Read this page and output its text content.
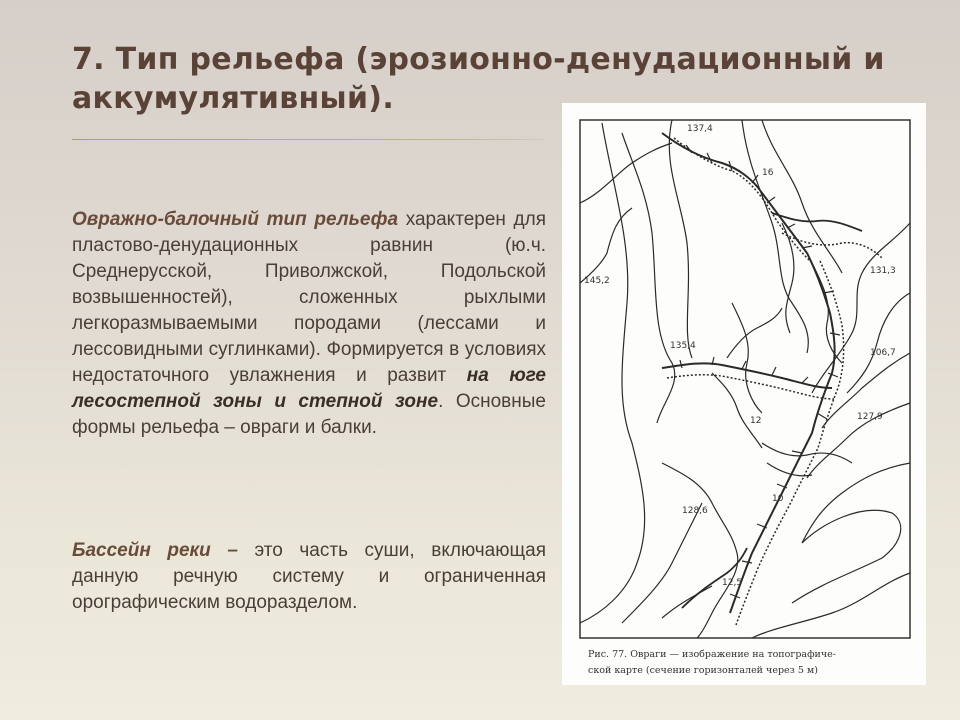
7. Тип рельефа (эрозионно-денудационный и аккумулятивный).

Овражно-балочный тип рельефа характерен для пластово-денудационных равнин (ю.ч. Среднерусской, Приволжской, Подольской возвышенностей), сложенных рыхлыми легкоразмываемыми породами (лессами и лессовидными суглинками). Формируется в условиях недостаточного увлажнения и развит на юге лесостепной зоны и степной зоне. Основные формы рельефа – овраги и балки.

Бассейн реки – это часть суши, включающая данную речную систему и ограниченная орографическим водоразделом.

137,4
16
131,3
145,2
135,4
106,7
127,9
12
128,6
10
12,5
Рис. 77. Овраги — изображение на топографиче-
ской карте (сечение горизонталей через 5 м)
